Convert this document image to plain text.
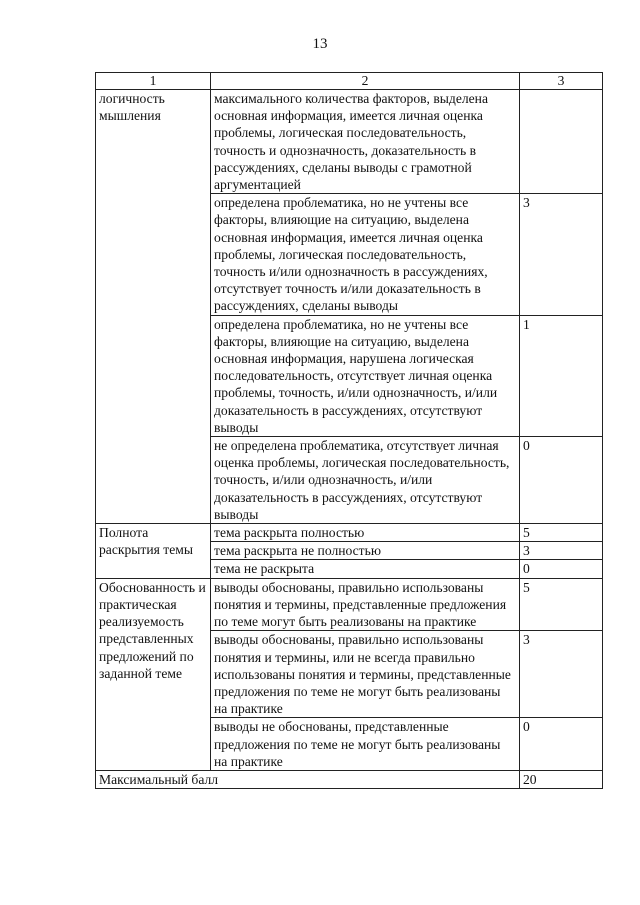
13
1	2	3
логичность мышления	максимального количества факторов, выделена основная информация, имеется личная оценка проблемы, логическая последовательность, точность и однозначность, доказательность в рассуждениях, сделаны выводы с грамотной аргументацией	
	определена проблематика, но не учтены все факторы, влияющие на ситуацию, выделена основная информация, имеется личная оценка проблемы, логическая последовательность, точность и/или однозначность в рассуждениях, отсутствует точность и/или доказательность в рассуждениях, сделаны выводы	3
	определена проблематика, но не учтены все факторы, влияющие на ситуацию, выделена основная информация, нарушена логическая последовательность, отсутствует личная оценка проблемы, точность, и/или однозначность, и/или доказательность в рассуждениях, отсутствуют выводы	1
	не определена проблематика, отсутствует личная оценка проблемы, логическая последовательность, точность, и/или однозначность, и/или доказательность в рассуждениях, отсутствуют выводы	0
Полнота раскрытия темы	тема раскрыта полностью	5
	тема раскрыта не полностью	3
	тема не раскрыта	0
Обоснованность и практическая реализуемость представленных предложений по заданной теме	выводы обоснованы, правильно использованы понятия и термины, представленные предложения по теме могут быть реализованы на практике	5
	выводы обоснованы, правильно использованы понятия и термины, или не всегда правильно использованы понятия и термины, представленные предложения по теме не могут быть реализованы на практике	3
	выводы не обоснованы, представленные предложения по теме не могут быть реализованы на практике	0
Максимальный балл		20
